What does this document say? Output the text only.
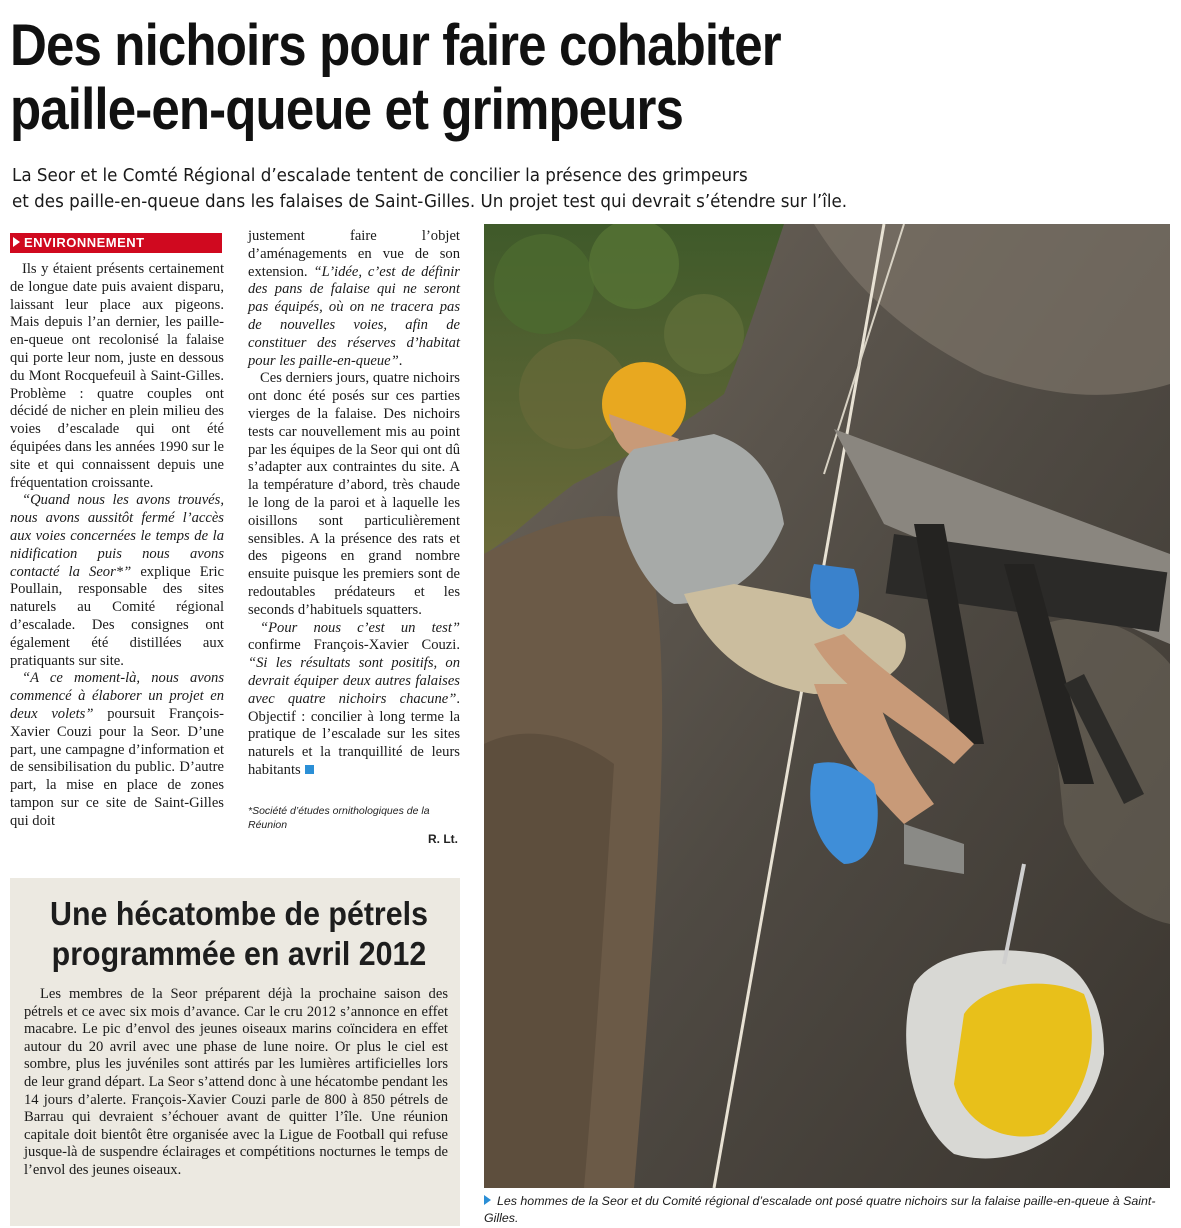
Des nichoirs pour faire cohabiter
paille-en-queue et grimpeurs
La Seor et le Comté Régional d’escalade tentent de concilier la présence des grimpeurs
et des paille-en-queue dans les falaises de Saint-Gilles. Un projet test qui devrait s’étendre sur l’île.
ENVIRONNEMENT

Ils y étaient présents certainement de longue date puis avaient disparu, laissant leur place aux pigeons. Mais depuis l’an dernier, les paille-en-queue ont recolonisé la falaise qui porte leur nom, juste en dessous du Mont Rocquefeuil à Saint-Gilles. Problème : quatre couples ont décidé de nicher en plein milieu des voies d’escalade qui ont été équipées dans les années 1990 sur le site et qui connaissent depuis une fréquentation croissante.

“Quand nous les avons trouvés, nous avons aussitôt fermé l’accès aux voies concernées le temps de la nidification puis nous avons contacté la Seor*” explique Eric Poullain, responsable des sites naturels au Comité régional d’escalade. Des consignes ont également été distillées aux pratiquants sur site.

“A ce moment-là, nous avons commencé à élaborer un projet en deux volets” poursuit François-Xavier Couzi pour la Seor. D’une part, une campagne d’information et de sensibilisation du public. D’autre part, la mise en place de zones tampon sur ce site de Saint-Gilles qui doit

justement faire l’objet d’aménagements en vue de son extension. “L’idée, c’est de définir des pans de falaise qui ne seront pas équipés, où on ne tracera pas de nouvelles voies, afin de constituer des réserves d’habitat pour les paille-en-queue”.

Ces derniers jours, quatre nichoirs ont donc été posés sur ces parties vierges de la falaise. Des nichoirs tests car nouvellement mis au point par les équipes de la Seor qui ont dû s’adapter aux contraintes du site. A la température d’abord, très chaude le long de la paroi et à laquelle les oisillons sont particulièrement sensibles. A la présence des rats et des pigeons en grand nombre ensuite puisque les premiers sont de redoutables prédateurs et les seconds d’habituels squatters.

“Pour nous c’est un test” confirme François-Xavier Couzi. “Si les résultats sont positifs, on devrait équiper deux autres falaises avec quatre nichoirs chacune”. Objectif : concilier à long terme la pratique de l’escalade sur les sites naturels et la tranquillité de leurs habitants

*Société d’études ornithologiques de la Réunion
R. Lt.
Une hécatombe de pétrels
programmée en avril 2012

Les membres de la Seor préparent déjà la prochaine saison des pétrels et ce avec six mois d’avance. Car le cru 2012 s’annonce en effet macabre. Le pic d’envol des jeunes oiseaux marins coïncidera en effet autour du 20 avril avec une phase de lune noire. Or plus le ciel est sombre, plus les juvéniles sont attirés par les lumières artificielles lors de leur grand départ. La Seor s’attend donc à une hécatombe pendant les 14 jours d’alerte. François-Xavier Couzi parle de 800 à 850 pétrels de Barrau qui devraient s’échouer avant de quitter l’île. Une réunion capitale doit bientôt être organisée avec la Ligue de Football qui refuse jusque-là de suspendre éclairages et compétitions nocturnes le temps de l’envol des jeunes oiseaux.

Les hommes de la Seor et du Comité régional d’escalade ont posé quatre nichoirs sur la falaise paille-en-queue à Saint-Gilles.
